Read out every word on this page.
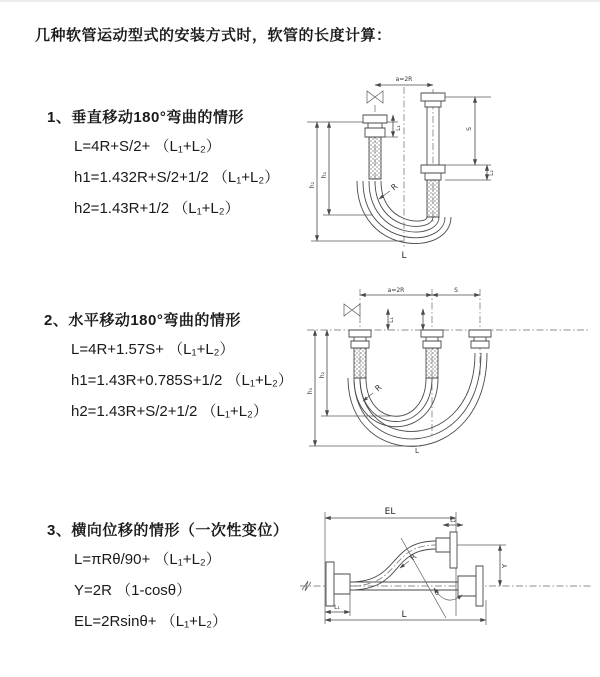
几种软管运动型式的安装方式时，软管的长度计算：
1、垂直移动180°弯曲的情形
L=4R+S/2+ （L₁+L₂）
h1=1.432R+S/2+1/2 （L₁+L₂）
h2=1.43R+1/2 （L₁+L₂）
2、水平移动180°弯曲的情形
L=4R+1.57S+ （L₁+L₂）
h1=1.43R+0.785S+1/2 （L₁+L₂）
h2=1.43R+S/2+1/2 （L₁+L₂）
3、横向位移的情形（一次性变位）
L=πRθ/90+ （L₁+L₂）
Y=2R （1-cosθ）
EL=2Rsinθ+ （L₁+L₂）
a=2R
L₁	S
L₂
h₂
h₁
R
L
a=2R	S
L₁
h₁
h₂
R
L
EL
L₂
Y
θ
R
L₁
L
